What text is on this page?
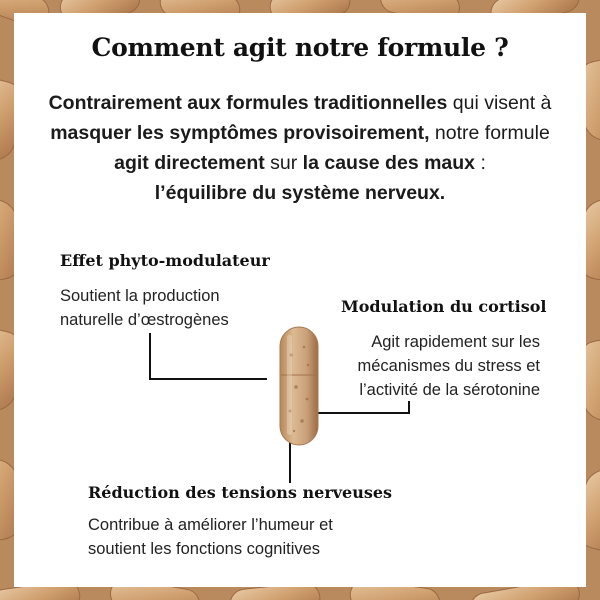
Comment agit notre formule ?
Contrairement aux formules traditionnelles qui visent à
masquer les symptômes provisoirement, notre formule
agit directement sur la cause des maux :
l’équilibre du système nerveux.
Effet phyto-modulateur
Soutient la production
naturelle d’œstrogènes
Modulation du cortisol
Agit rapidement sur les
mécanismes du stress et
l’activité de la sérotonine
Réduction des tensions nerveuses
Contribue à améliorer l’humeur et
soutient les fonctions cognitives
